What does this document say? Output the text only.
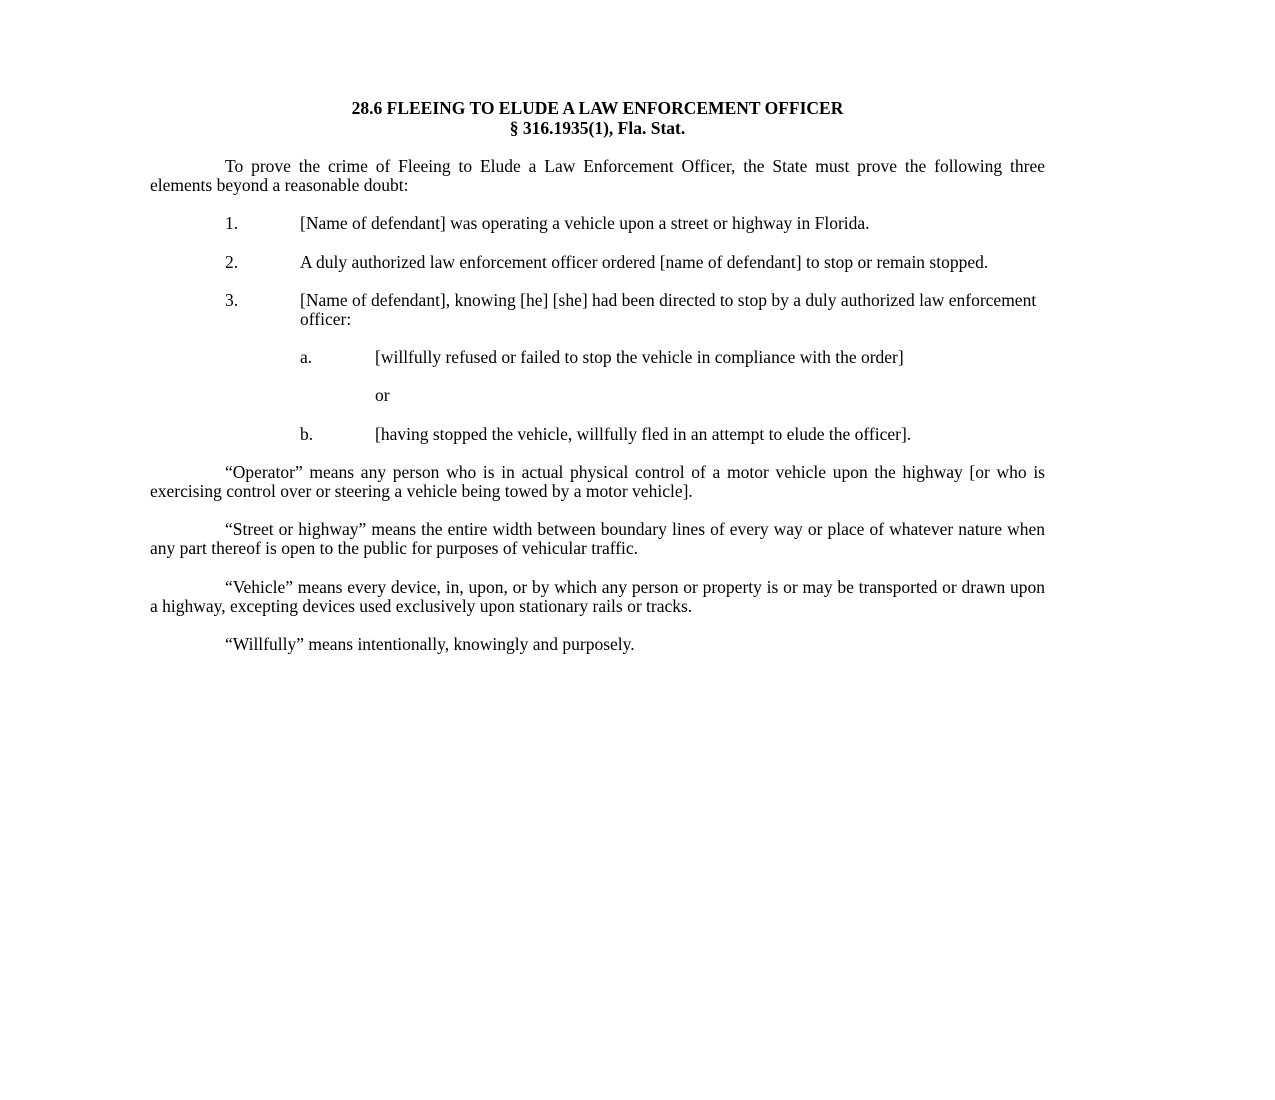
28.6 FLEEING TO ELUDE A LAW ENFORCEMENT OFFICER
§ 316.1935(1), Fla. Stat.

To prove the crime of Fleeing to Elude a Law Enforcement Officer, the State must prove the following three elements beyond a reasonable doubt:

1.	[Name of defendant] was operating a vehicle upon a street or highway in Florida.
2.	A duly authorized law enforcement officer ordered [name of defendant] to stop or remain stopped.
3.	[Name of defendant], knowing [he] [she] had been directed to stop by a duly authorized law enforcement officer:
a.	[willfully refused or failed to stop the vehicle in compliance with the order]
or
b.	[having stopped the vehicle, willfully fled in an attempt to elude the officer].

“Operator” means any person who is in actual physical control of a motor vehicle upon the highway [or who is exercising control over or steering a vehicle being towed by a motor vehicle].

“Street or highway” means the entire width between boundary lines of every way or place of whatever nature when any part thereof is open to the public for purposes of vehicular traffic.

“Vehicle” means every device, in, upon, or by which any person or property is or may be transported or drawn upon a highway, excepting devices used exclusively upon stationary rails or tracks.

“Willfully” means intentionally, knowingly and purposely.
